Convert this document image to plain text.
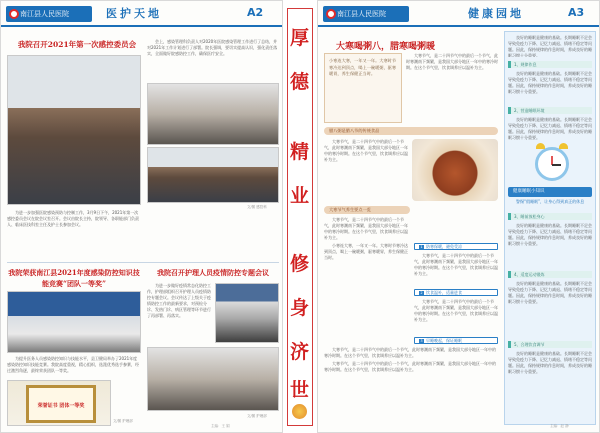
南江县人民医院	医护天地	A2
我院召开2021年第一次感控委员会

为进一步加强医院感染预防与控制工作，3月9日下午，2021年第一次感控委员会议在院会议室召开。会议由院长主持，院领导、各职能部门负责人、临床医技科室主任及护士长参加会议。

会上，感染管理科负责人对2020年医院感染管理工作进行了总结，并对2021年工作计划进行了部署。院长强调，要切实提高认识，强化责任落实，全面做好院感防控工作，确保医疗安全。

文/图 感控科
我院荣获南江县2021年度感染防控知识技能竞赛“团队一等奖”

为提升医务人员感染防控知识与技能水平，县卫健局举办了2021年度感染防控知识技能竞赛。我院高度重视，精心组织，选派优秀选手参赛，经过激烈角逐，最终荣获团队一等奖。

荣誉证书 团体一等奖
文/图 护理部
我院召开护理人员疫情防控专题会议

为进一步做好疫情常态化防控工作，护理部组织召开护理人员疫情防控专题会议。会议传达了上级关于疫情防控工作的最新要求，对预检分诊、发热门诊、病区管理等环节进行了再部署、再落实。

文/图 护理部
主编：王 娟
厚
德
精
业
修
身
济
世
南江县人民医院	健康园地	A3
大寒喝粥八，腊寒喝粥暖
小寒连大寒，一年又一年。大寒时节寒冷达到顶点，喝上一碗暖粥，驱寒暖胃，养生保健正当时。

大寒节气，是二十四节气中的最后一个节气，此时寒潮南下频繁，是我国大部分地区一年中的寒冷时期。在这个节气里，饮食调养应以温补为主。

腊八粥是腊八节的传统食品

大寒节气，是二十四节气中的最后一个节气，此时寒潮南下频繁，是我国大部分地区一年中的寒冷时期。在这个节气里，饮食调养应以温补为主。

大寒节气养生要点一览

大寒节气，是二十四节气中的最后一个节气，此时寒潮南下频繁，是我国大部分地区一年中的寒冷时期。在这个节气里，饮食调养应以温补为主。

小寒连大寒，一年又一年。大寒时节寒冷达到顶点，喝上一碗暖粥，驱寒暖胃，养生保健正当时。

1 防寒保暖，避免受凉

大寒节气，是二十四节气中的最后一个节气，此时寒潮南下频繁，是我国大部分地区一年中的寒冷时期。在这个节气里，饮食调养应以温补为主。

2 饮食温补，适量进食

大寒节气，是二十四节气中的最后一个节气，此时寒潮南下频繁，是我国大部分地区一年中的寒冷时期。在这个节气里，饮食调养应以温补为主。

3 早睡晚起，保证睡眠

大寒节气，是二十四节气中的最后一个节气，此时寒潮南下频繁，是我国大部分地区一年中的寒冷时期。在这个节气里，饮食调养应以温补为主。

大寒节气，是二十四节气中的最后一个节气，此时寒潮南下频繁，是我国大部分地区一年中的寒冷时期。在这个节气里，饮食调养应以温补为主。

良好的睡眠是健康的基础。长期睡眠不足会导致免疫力下降、记忆力减退、情绪不稳定等问题。因此，保持规律的作息时间，养成良好的睡眠习惯十分重要。

1、规律作息

良好的睡眠是健康的基础。长期睡眠不足会导致免疫力下降、记忆力减退、情绪不稳定等问题。因此，保持规律的作息时间，养成良好的睡眠习惯十分重要。

2、营造睡眠环境

良好的睡眠是健康的基础。长期睡眠不足会导致免疫力下降、记忆力减退、情绪不稳定等问题。因此，保持规律的作息时间，养成良好的睡眠习惯十分重要。

健康睡眠小知识

警惕“假睡眠”，让身心得到真正的休息

3、睡前放松身心

良好的睡眠是健康的基础。长期睡眠不足会导致免疫力下降、记忆力减退、情绪不稳定等问题。因此，保持规律的作息时间，养成良好的睡眠习惯十分重要。

4、适度运动锻炼

良好的睡眠是健康的基础。长期睡眠不足会导致免疫力下降、记忆力减退、情绪不稳定等问题。因此，保持规律的作息时间，养成良好的睡眠习惯十分重要。

5、合理饮食调节

良好的睡眠是健康的基础。长期睡眠不足会导致免疫力下降、记忆力减退、情绪不稳定等问题。因此，保持规律的作息时间，养成良好的睡眠习惯十分重要。

主编：赵 静
